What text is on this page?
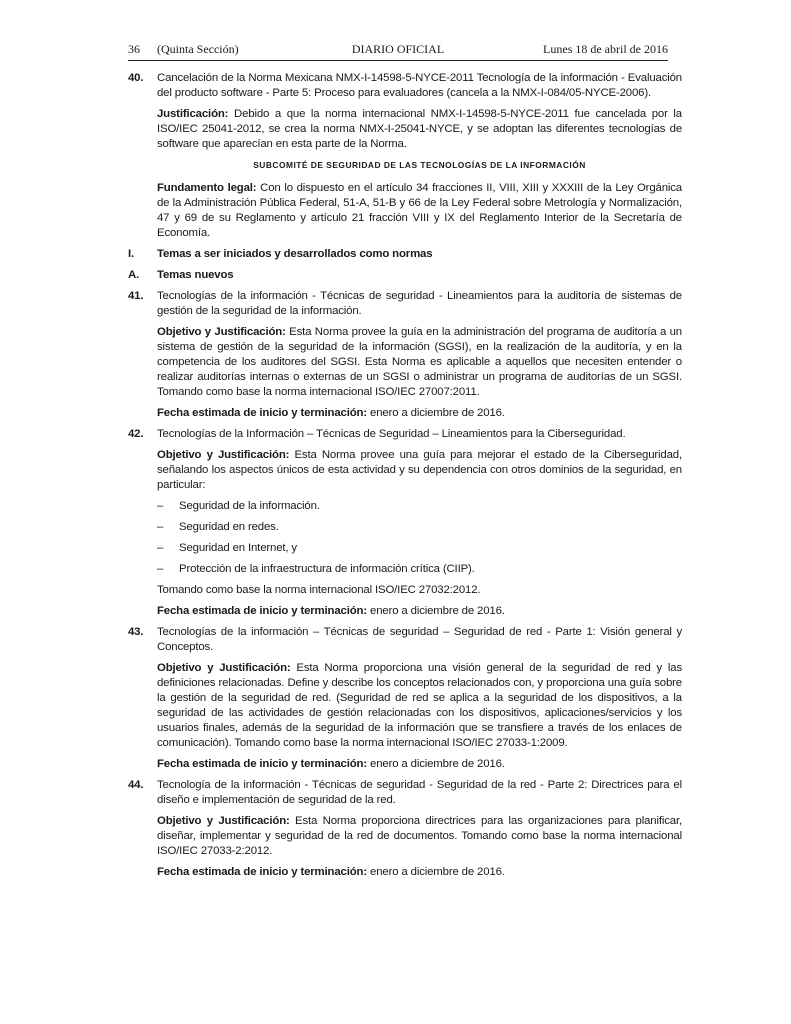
36 (Quinta Sección)	DIARIO OFICIAL	Lunes 18 de abril de 2016
40. Cancelación de la Norma Mexicana NMX-I-14598-5-NYCE-2011 Tecnología de la información - Evaluación del producto software - Parte 5: Proceso para evaluadores (cancela a la NMX-I-084/05-NYCE-2006).
Justificación: Debido a que la norma internacional NMX-I-14598-5-NYCE-2011 fue cancelada por la ISO/IEC 25041-2012, se crea la norma NMX-I-25041-NYCE, y se adoptan las diferentes tecnologías de software que aparecían en esta parte de la Norma.
SUBCOMITÉ DE SEGURIDAD DE LAS TECNOLOGÍAS DE LA INFORMACIÓN
Fundamento legal: Con lo dispuesto en el artículo 34 fracciones II, VIII, XIII y XXXIII de la Ley Orgánica de la Administración Pública Federal, 51-A, 51-B y 66 de la Ley Federal sobre Metrología y Normalización, 47 y 69 de su Reglamento y artículo 21 fracción VIII y IX del Reglamento Interior de la Secretaría de Economía.
I. Temas a ser iniciados y desarrollados como normas
A. Temas nuevos
41. Tecnologías de la información - Técnicas de seguridad - Lineamientos para la auditoría de sistemas de gestión de la seguridad de la información.
Objetivo y Justificación: Esta Norma provee la guía en la administración del programa de auditoría a un sistema de gestión de la seguridad de la información (SGSI), en la realización de la auditoría, y en la competencia de los auditores del SGSI. Esta Norma es aplicable a aquellos que necesiten entender o realizar auditorías internas o externas de un SGSI o administrar un programa de auditorías de un SGSI. Tomando como base la norma internacional ISO/IEC 27007:2011.
Fecha estimada de inicio y terminación: enero a diciembre de 2016.
42. Tecnologías de la Información – Técnicas de Seguridad – Lineamientos para la Ciberseguridad.
Objetivo y Justificación: Esta Norma provee una guía para mejorar el estado de la Ciberseguridad, señalando los aspectos únicos de esta actividad y su dependencia con otros dominios de la seguridad, en particular:
– Seguridad de la información.
– Seguridad en redes.
– Seguridad en Internet, y
– Protección de la infraestructura de información crítica (CIIP).
Tomando como base la norma internacional ISO/IEC 27032:2012.
Fecha estimada de inicio y terminación: enero a diciembre de 2016.
43. Tecnologías de la información – Técnicas de seguridad – Seguridad de red - Parte 1: Visión general y Conceptos.
Objetivo y Justificación: Esta Norma proporciona una visión general de la seguridad de red y las definiciones relacionadas. Define y describe los conceptos relacionados con, y proporciona una guía sobre la gestión de la seguridad de red. (Seguridad de red se aplica a la seguridad de los dispositivos, a la seguridad de las actividades de gestión relacionadas con los dispositivos, aplicaciones/servicios y los usuarios finales, además de la seguridad de la información que se transfiere a través de los enlaces de comunicación). Tomando como base la norma internacional ISO/IEC 27033-1:2009.
Fecha estimada de inicio y terminación: enero a diciembre de 2016.
44. Tecnología de la información - Técnicas de seguridad - Seguridad de la red - Parte 2: Directrices para el diseño e implementación de seguridad de la red.
Objetivo y Justificación: Esta Norma proporciona directrices para las organizaciones para planificar, diseñar, implementar y seguridad de la red de documentos. Tomando como base la norma internacional ISO/IEC 27033-2:2012.
Fecha estimada de inicio y terminación: enero a diciembre de 2016.
